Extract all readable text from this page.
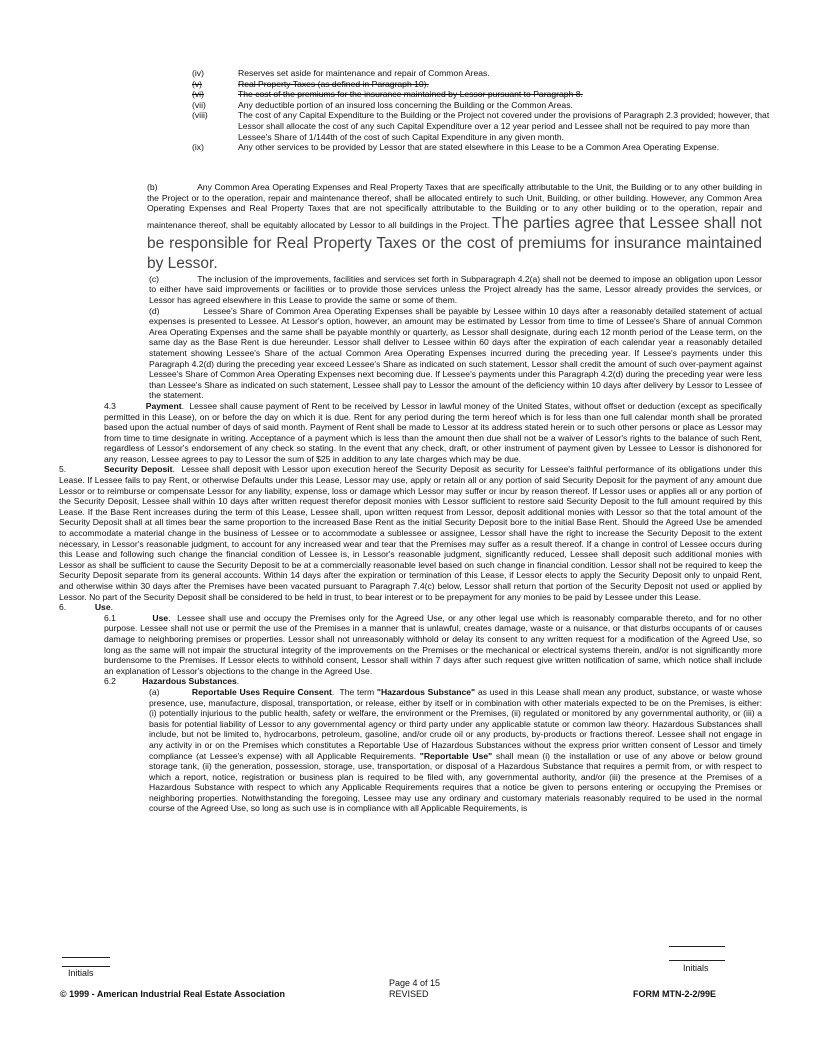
(iv)	Reserves set aside for maintenance and repair of Common Areas.
(v)	Real Property Taxes (as defined in Paragraph 10).
(vi)	The cost of the premiums for the insurance maintained by Lessor pursuant to Paragraph 8.
(vii)	Any deductible portion of an insured loss concerning the Building or the Common Areas.
(viii)	The cost of any Capital Expenditure to the Building or the Project not covered under the provisions of Paragraph 2.3 provided; however, that Lessor shall allocate the cost of any such Capital Expenditure over a 12 year period and Lessee shall not be required to pay more than Lessee's Share of 1/144th of the cost of such Capital Expenditure in any given month.
(ix)	Any other services to be provided by Lessor that are stated elsewhere in this Lease to be a Common Area Operating Expense.

(b)	Any Common Area Operating Expenses and Real Property Taxes that are specifically attributable to the Unit, the Building or to any other building in the Project or to the operation, repair and maintenance thereof, shall be allocated entirely to such Unit, Building, or other building. However, any Common Area Operating Expenses and Real Property Taxes that are not specifically attributable to the Building or to any other building or to the operation, repair and maintenance thereof, shall be equitably allocated by Lessor to all buildings in the Project. The parties agree that Lessee shall not be responsible for Real Property Taxes or the cost of premiums for insurance maintained by Lessor.

(c)	The inclusion of the improvements, facilities and services set forth in Subparagraph 4.2(a) shall not be deemed to impose an obligation upon Lessor to either have said improvements or facilities or to provide those services unless the Project already has the same, Lessor already provides the services, or Lessor has agreed elsewhere in this Lease to provide the same or some of them.

(d)	Lessee's Share of Common Area Operating Expenses shall be payable by Lessee within 10 days after a reasonably detailed statement of actual expenses is presented to Lessee. At Lessor's option, however, an amount may be estimated by Lessor from time to time of Lessee's Share of annual Common Area Operating Expenses and the same shall be payable monthly or quarterly, as Lessor shall designate, during each 12 month period of the Lease term, on the same day as the Base Rent is due hereunder. Lessor shall deliver to Lessee within 60 days after the expiration of each calendar year a reasonably detailed statement showing Lessee's Share of the actual Common Area Operating Expenses incurred during the preceding year. If Lessee's payments under this Paragraph 4.2(d) during the preceding year exceed Lessee's Share as indicated on such statement, Lessor shall credit the amount of such over-payment against Lessee's Share of Common Area Operating Expenses next becoming due. If Lessee's payments under this Paragraph 4.2(d) during the preceding year were less than Lessee's Share as indicated on such statement, Lessee shall pay to Lessor the amount of the deficiency within 10 days after delivery by Lessor to Lessee of the statement.

4.3	Payment.  Lessee shall cause payment of Rent to be received by Lessor in lawful money of the United States, without offset or deduction (except as specifically permitted in this Lease), on or before the day on which it is due. Rent for any period during the term hereof which is for less than one full calendar month shall be prorated based upon the actual number of days of said month. Payment of Rent shall be made to Lessor at its address stated herein or to such other persons or place as Lessor may from time to time designate in writing. Acceptance of a payment which is less than the amount then due shall not be a waiver of Lessor's rights to the balance of such Rent, regardless of Lessor's endorsement of any check so stating. In the event that any check, draft, or other instrument of payment given by Lessee to Lessor is dishonored for any reason, Lessee agrees to pay to Lessor the sum of $25 in addition to any late charges which may be due.

5.	Security Deposit.  Lessee shall deposit with Lessor upon execution hereof the Security Deposit as security for Lessee's faithful performance of its obligations under this Lease. If Lessee fails to pay Rent, or otherwise Defaults under this Lease, Lessor may use, apply or retain all or any portion of said Security Deposit for the payment of any amount due Lessor or to reimburse or compensate Lessor for any liability, expense, loss or damage which Lessor may suffer or incur by reason thereof. If Lessor uses or applies all or any portion of the Security Deposit, Lessee shall within 10 days after written request therefor deposit monies with Lessor sufficient to restore said Security Deposit to the full amount required by this Lease. If the Base Rent increases during the term of this Lease, Lessee shall, upon written request from Lessor, deposit additional monies with Lessor so that the total amount of the Security Deposit shall at all times bear the same proportion to the increased Base Rent as the initial Security Deposit bore to the initial Base Rent. Should the Agreed Use be amended to accommodate a material change in the business of Lessee or to accommodate a sublessee or assignee, Lessor shall have the right to increase the Security Deposit to the extent necessary, in Lessor's reasonable judgment, to account for any increased wear and tear that the Premises may suffer as a result thereof. If a change in control of Lessee occurs during this Lease and following such change the financial condition of Lessee is, in Lessor's reasonable judgment, significantly reduced, Lessee shall deposit such additional monies with Lessor as shall be sufficient to cause the Security Deposit to be at a commercially reasonable level based on such change in financial condition. Lessor shall not be required to keep the Security Deposit separate from its general accounts. Within 14 days after the expiration or termination of this Lease, if Lessor elects to apply the Security Deposit only to unpaid Rent, and otherwise within 30 days after the Premises have been vacated pursuant to Paragraph 7.4(c) below, Lessor shall return that portion of the Security Deposit not used or applied by Lessor. No part of the Security Deposit shall be considered to be held in trust, to bear interest or to be prepayment for any monies to be paid by Lessee under this Lease.

6.	Use.

6.1	Use.  Lessee shall use and occupy the Premises only for the Agreed Use, or any other legal use which is reasonably comparable thereto, and for no other purpose. Lessee shall not use or permit the use of the Premises in a manner that is unlawful, creates damage, waste or a nuisance, or that disturbs occupants of or causes damage to neighboring premises or properties. Lessor shall not unreasonably withhold or delay its consent to any written request for a modification of the Agreed Use, so long as the same will not impair the structural integrity of the improvements on the Premises or the mechanical or electrical systems therein, and/or is not significantly more burdensome to the Premises. If Lessor elects to withhold consent, Lessor shall within 7 days after such request give written notification of same, which notice shall include an explanation of Lessor's objections to the change in the Agreed Use.

6.2	Hazardous Substances.

(a)	Reportable Uses Require Consent.  The term "Hazardous Substance" as used in this Lease shall mean any product, substance, or waste whose presence, use, manufacture, disposal, transportation, or release, either by itself or in combination with other materials expected to be on the Premises, is either: (i) potentially injurious to the public health, safety or welfare, the environment or the Premises, (ii) regulated or monitored by any governmental authority, or (iii) a basis for potential liability of Lessor to any governmental agency or third party under any applicable statute or common law theory. Hazardous Substances shall include, but not be limited to, hydrocarbons, petroleum, gasoline, and/or crude oil or any products, by-products or fractions thereof. Lessee shall not engage in any activity in or on the Premises which constitutes a Reportable Use of Hazardous Substances without the express prior written consent of Lessor and timely compliance (at Lessee's expense) with all Applicable Requirements. "Reportable Use" shall mean (i) the installation or use of any above or below ground storage tank, (ii) the generation, possession, storage, use, transportation, or disposal of a Hazardous Substance that requires a permit from, or with respect to which a report, notice, registration or business plan is required to be filed with, any governmental authority, and/or (iii) the presence at the Premises of a Hazardous Substance with respect to which any Applicable Requirements requires that a notice be given to persons entering or occupying the Premises or neighboring properties. Notwithstanding the foregoing, Lessee may use any ordinary and customary materials reasonably required to be used in the normal course of the Agreed Use, so long as such use is in compliance with all Applicable Requirements, is

Initials	Initials
Page 4 of 15
REVISED
© 1999 - American Industrial Real Estate Association	FORM MTN-2-2/99E
